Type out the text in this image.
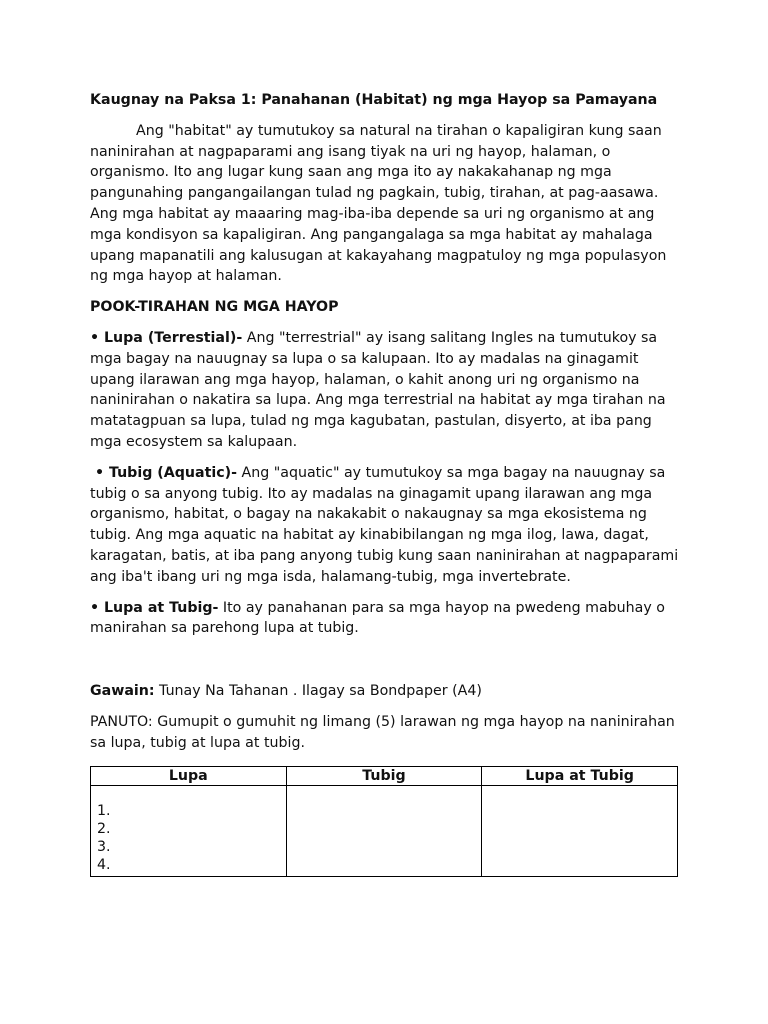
Kaugnay na Paksa 1: Panahanan (Habitat) ng mga Hayop sa Pamayana

Ang "habitat" ay tumutukoy sa natural na tirahan o kapaligiran kung saan naninirahan at nagpaparami ang isang tiyak na uri ng hayop, halaman, o organismo. Ito ang lugar kung saan ang mga ito ay nakakahanap ng mga pangunahing pangangailangan tulad ng pagkain, tubig, tirahan, at pag-aasawa. Ang mga habitat ay maaaring mag-iba-iba depende sa uri ng organismo at ang mga kondisyon sa kapaligiran. Ang pangangalaga sa mga habitat ay mahalaga upang mapanatili ang kalusugan at kakayahang magpatuloy ng mga populasyon ng mga hayop at halaman.

POOK-TIRAHAN NG MGA HAYOP

• Lupa (Terrestial)- Ang "terrestrial" ay isang salitang Ingles na tumutukoy sa mga bagay na nauugnay sa lupa o sa kalupaan. Ito ay madalas na ginagamit upang ilarawan ang mga hayop, halaman, o kahit anong uri ng organismo na naninirahan o nakatira sa lupa. Ang mga terrestrial na habitat ay mga tirahan na matatagpuan sa lupa, tulad ng mga kagubatan, pastulan, disyerto, at iba pang mga ecosystem sa kalupaan.

• Tubig (Aquatic)- Ang "aquatic" ay tumutukoy sa mga bagay na nauugnay sa tubig o sa anyong tubig. Ito ay madalas na ginagamit upang ilarawan ang mga organismo, habitat, o bagay na nakakabit o nakaugnay sa mga ekosistema ng tubig. Ang mga aquatic na habitat ay kinabibilangan ng mga ilog, lawa, dagat, karagatan, batis, at iba pang anyong tubig kung saan naninirahan at nagpaparami ang iba't ibang uri ng mga isda, halamang-tubig, mga invertebrate.

• Lupa at Tubig- Ito ay panahanan para sa mga hayop na pwedeng mabuhay o manirahan sa parehong lupa at tubig.

Gawain: Tunay Na Tahanan . Ilagay sa Bondpaper (A4)

PANUTO: Gumupit o gumuhit ng limang (5) larawan ng mga hayop na naninirahan sa lupa, tubig at lupa at tubig.

Lupa	Tubig	Lupa at Tubig

1.
2.
3.
4.		
